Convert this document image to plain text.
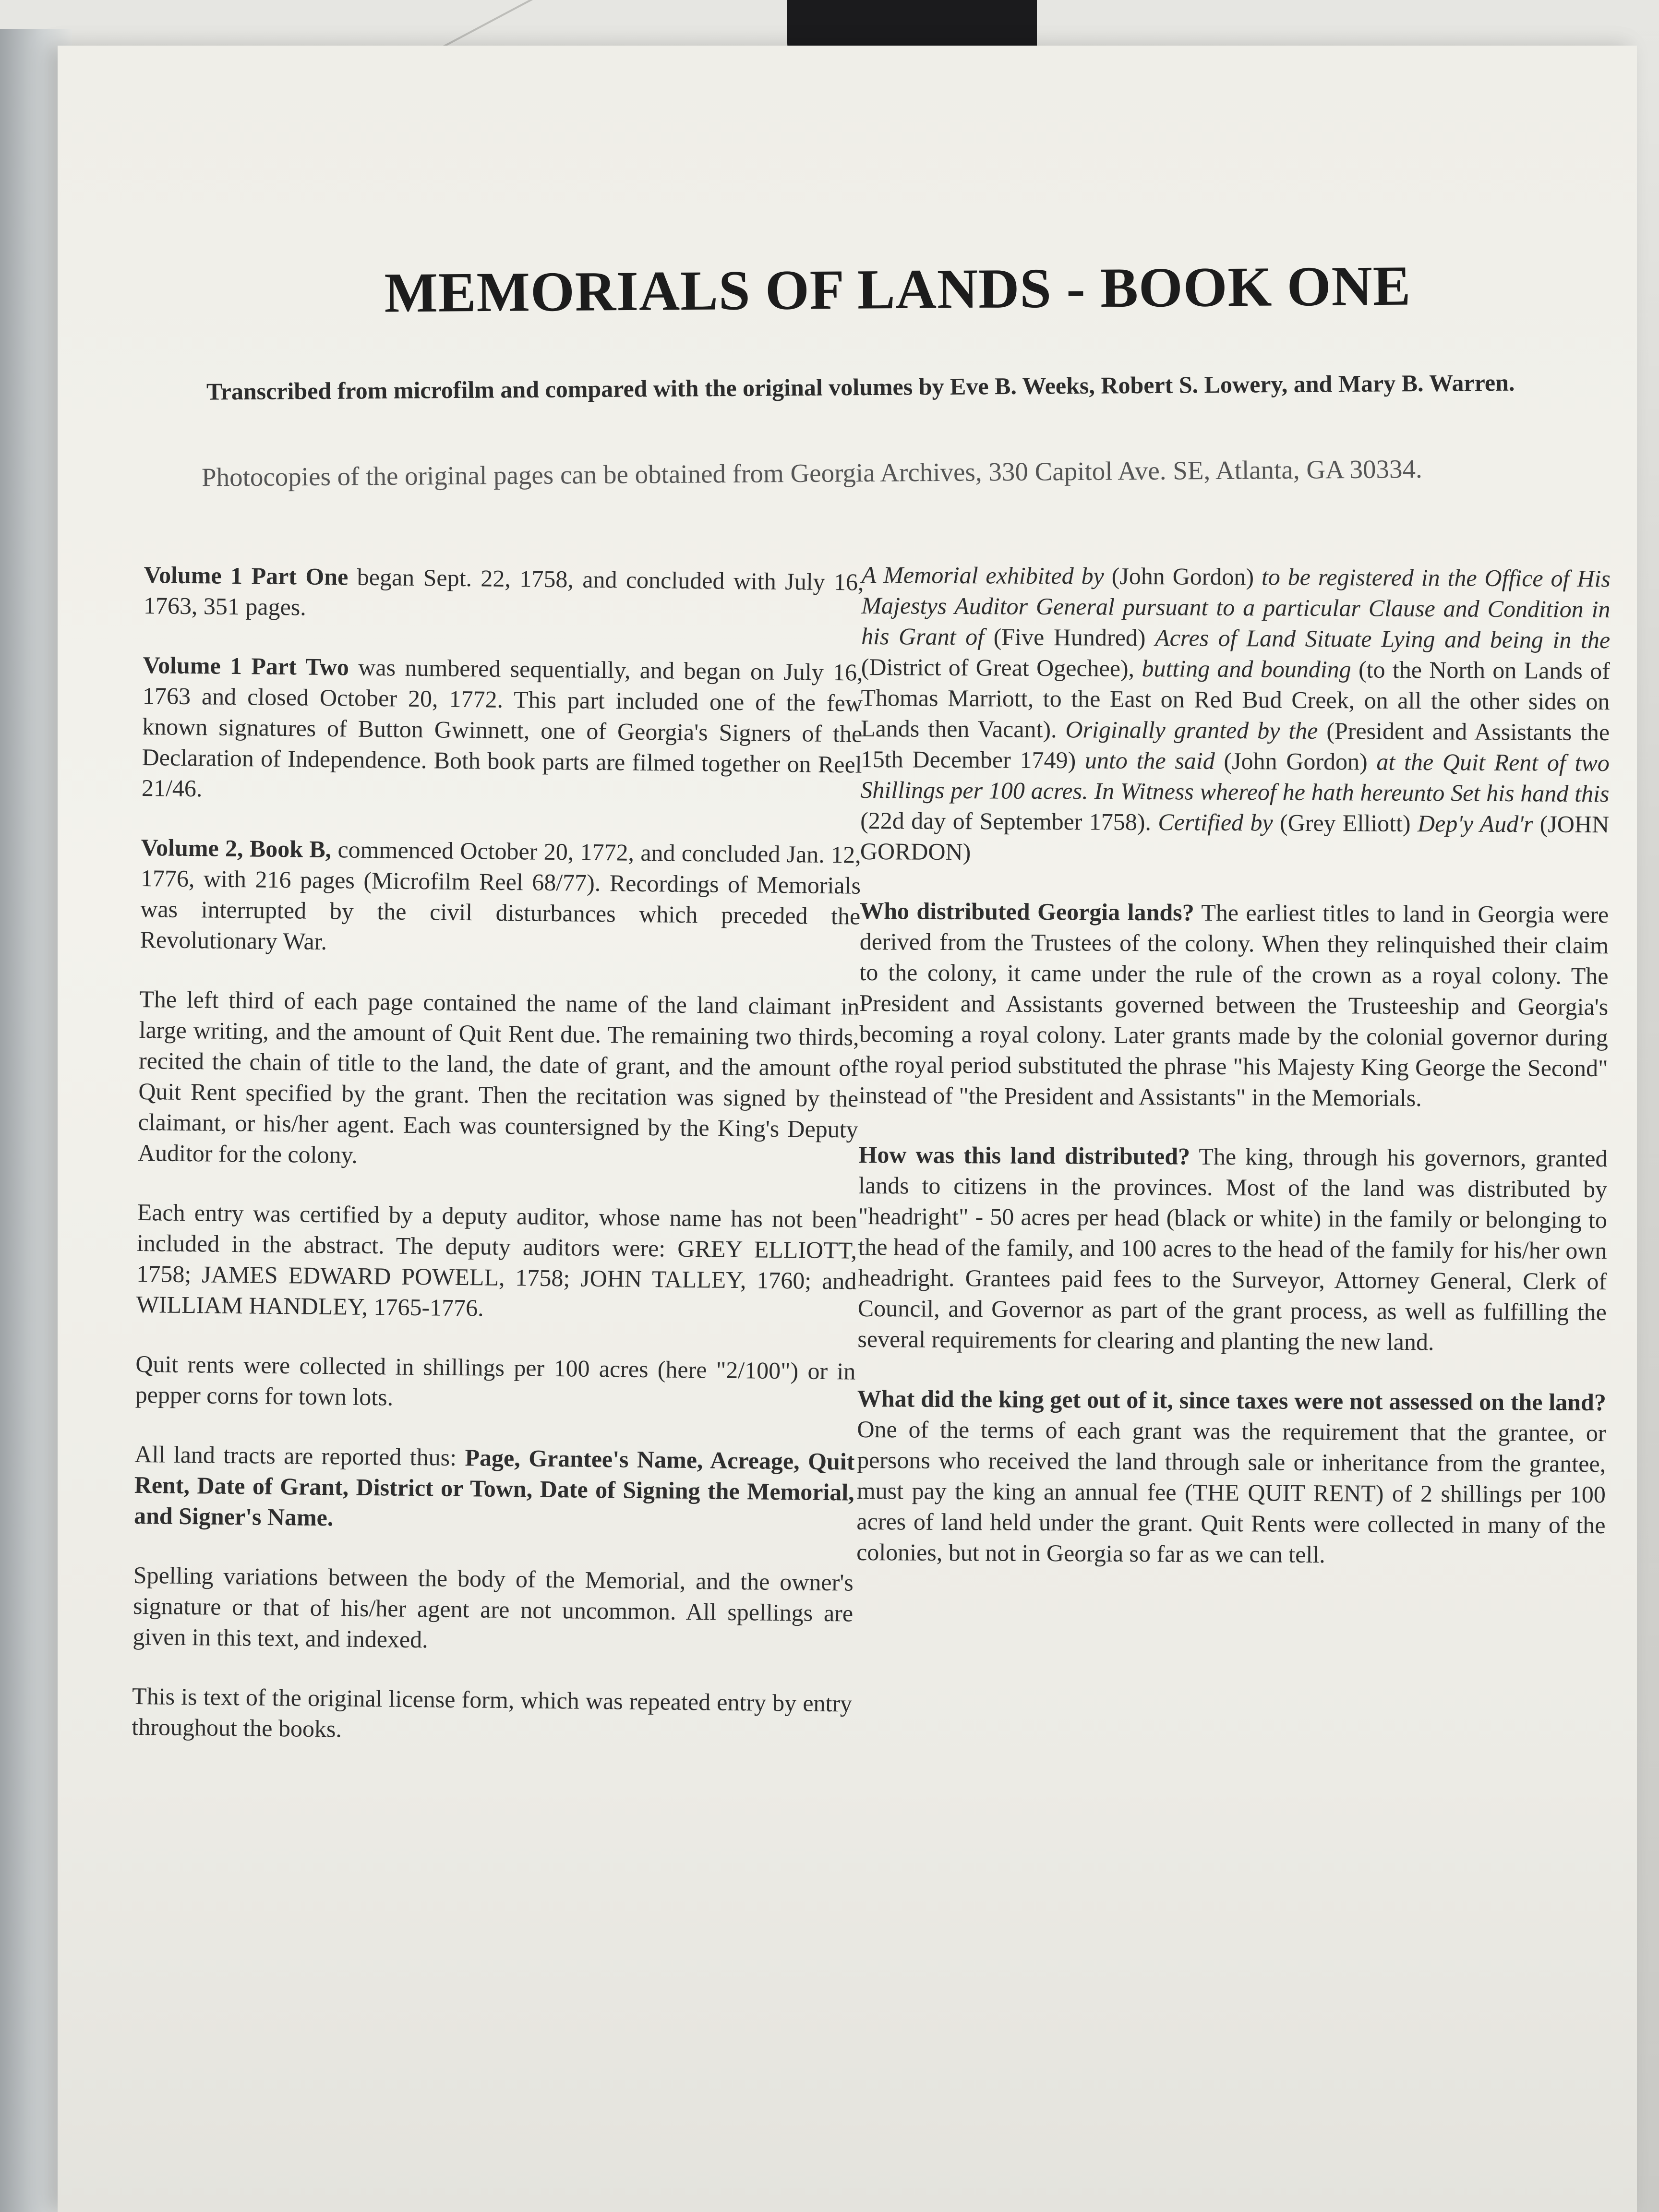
MEMORIALS OF LANDS - BOOK ONE
Transcribed from microfilm and compared with the original volumes by Eve B. Weeks, Robert S. Lowery, and Mary B. Warren.
Photocopies of the original pages can be obtained from Georgia Archives, 330 Capitol Ave. SE, Atlanta, GA 30334.

Volume 1 Part One began Sept. 22, 1758, and concluded with July 16, 1763, 351 pages.

Volume 1 Part Two was numbered sequentially, and began on July 16, 1763 and closed October 20, 1772. This part included one of the few known signatures of Button Gwinnett, one of Georgia's Signers of the Declaration of Independence. Both book parts are filmed together on Reel 21/46.

Volume 2, Book B, commenced October 20, 1772, and concluded Jan. 12, 1776, with 216 pages (Microfilm Reel 68/77). Recordings of Memorials was interrupted by the civil disturbances which preceded the Revolutionary War.

The left third of each page contained the name of the land claimant in large writing, and the amount of Quit Rent due. The remaining two thirds, recited the chain of title to the land, the date of grant, and the amount of Quit Rent specified by the grant. Then the recitation was signed by the claimant, or his/her agent. Each was countersigned by the King's Deputy Auditor for the colony.

Each entry was certified by a deputy auditor, whose name has not been included in the abstract. The deputy auditors were: GREY ELLIOTT, 1758; JAMES EDWARD POWELL, 1758; JOHN TALLEY, 1760; and WILLIAM HANDLEY, 1765-1776.

Quit rents were collected in shillings per 100 acres (here "2/100") or in pepper corns for town lots.

All land tracts are reported thus: Page, Grantee's Name, Acreage, Quit Rent, Date of Grant, District or Town, Date of Signing the Memorial, and Signer's Name.

Spelling variations between the body of the Memorial, and the owner's signature or that of his/her agent are not uncommon. All spellings are given in this text, and indexed.

This is text of the original license form, which was repeated entry by entry throughout the books.

A Memorial exhibited by (John Gordon) to be registered in the Office of His Majestys Auditor General pursuant to a particular Clause and Condition in his Grant of (Five Hundred) Acres of Land Situate Lying and being in the (District of Great Ogechee), butting and bounding (to the North on Lands of Thomas Marriott, to the East on Red Bud Creek, on all the other sides on Lands then Vacant). Originally granted by the (President and Assistants the 15th December 1749) unto the said (John Gordon) at the Quit Rent of two Shillings per 100 acres. In Witness whereof he hath hereunto Set his hand this (22d day of September 1758). Certified by (Grey Elliott) Dep'y Aud'r (JOHN GORDON)

Who distributed Georgia lands? The earliest titles to land in Georgia were derived from the Trustees of the colony. When they relinquished their claim to the colony, it came under the rule of the crown as a royal colony. The President and Assistants governed between the Trusteeship and Georgia's becoming a royal colony. Later grants made by the colonial governor during the royal period substituted the phrase "his Majesty King George the Second" instead of "the President and Assistants" in the Memorials.

How was this land distributed? The king, through his governors, granted lands to citizens in the provinces. Most of the land was distributed by "headright" - 50 acres per head (black or white) in the family or belonging to the head of the family, and 100 acres to the head of the family for his/her own headright. Grantees paid fees to the Surveyor, Attorney General, Clerk of Council, and Governor as part of the grant process, as well as fulfilling the several requirements for clearing and planting the new land.

What did the king get out of it, since taxes were not assessed on the land? One of the terms of each grant was the requirement that the grantee, or persons who received the land through sale or inheritance from the grantee, must pay the king an annual fee (THE QUIT RENT) of 2 shillings per 100 acres of land held under the grant. Quit Rents were collected in many of the colonies, but not in Georgia so far as we can tell.
